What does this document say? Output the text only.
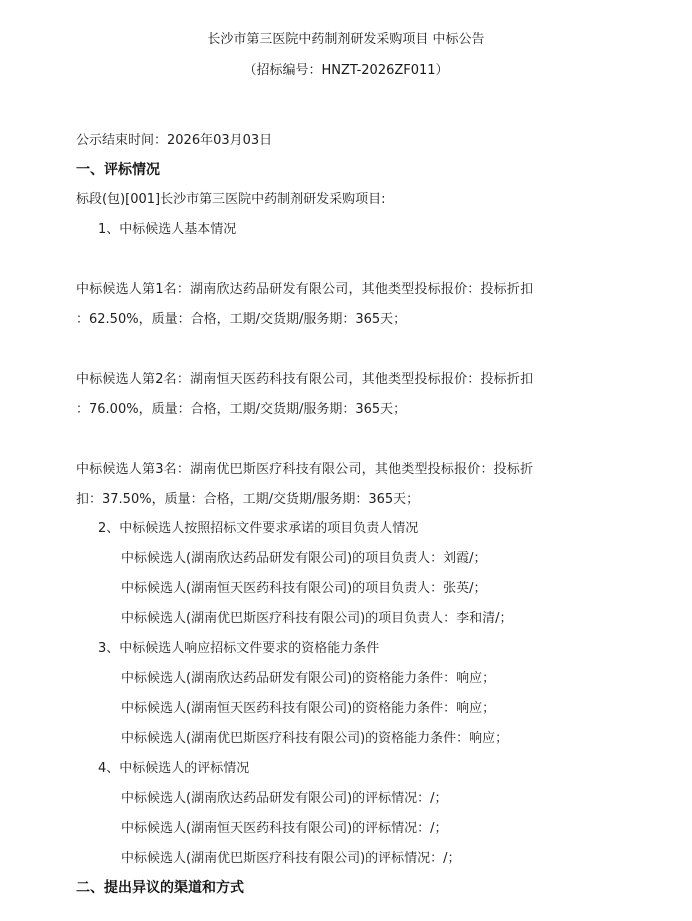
长沙市第三医院中药制剂研发采购项目 中标公告
（招标编号：HNZT-2026ZF011）
公示结束时间：2026年03月03日
一、评标情况
标段(包)[001]长沙市第三医院中药制剂研发采购项目:
1、中标候选人基本情况
中标候选人第1名：湖南欣达药品研发有限公司，其他类型投标报价：投标折扣
：62.50%，质量：合格，工期/交货期/服务期：365天；
中标候选人第2名：湖南恒天医药科技有限公司，其他类型投标报价：投标折扣
：76.00%，质量：合格，工期/交货期/服务期：365天；
中标候选人第3名：湖南优巴斯医疗科技有限公司，其他类型投标报价：投标折
扣：37.50%，质量：合格，工期/交货期/服务期：365天；
2、中标候选人按照招标文件要求承诺的项目负责人情况
中标候选人(湖南欣达药品研发有限公司)的项目负责人：刘霞/；
中标候选人(湖南恒天医药科技有限公司)的项目负责人：张英/；
中标候选人(湖南优巴斯医疗科技有限公司)的项目负责人：李和清/；
3、中标候选人响应招标文件要求的资格能力条件
中标候选人(湖南欣达药品研发有限公司)的资格能力条件：响应；
中标候选人(湖南恒天医药科技有限公司)的资格能力条件：响应；
中标候选人(湖南优巴斯医疗科技有限公司)的资格能力条件：响应；
4、中标候选人的评标情况
中标候选人(湖南欣达药品研发有限公司)的评标情况：/；
中标候选人(湖南恒天医药科技有限公司)的评标情况：/；
中标候选人(湖南优巴斯医疗科技有限公司)的评标情况：/；
二、提出异议的渠道和方式
